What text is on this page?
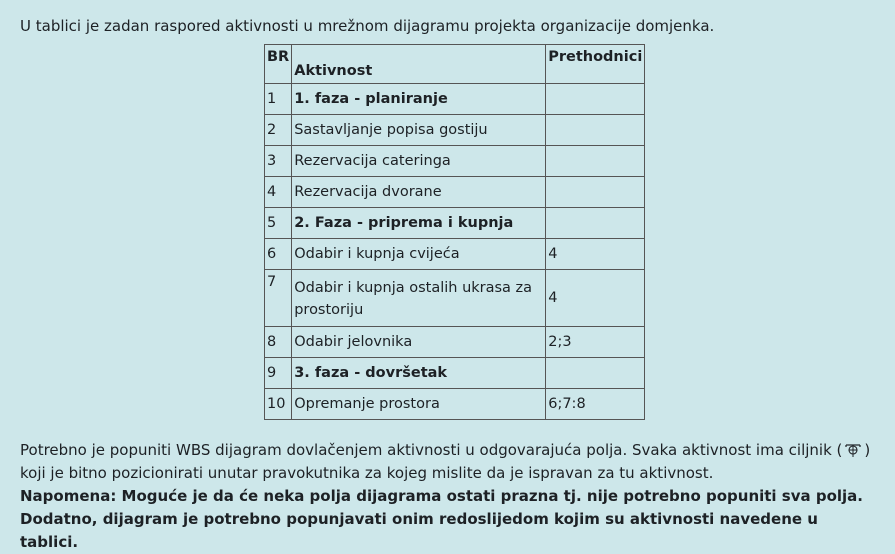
U tablici je zadan raspored aktivnosti u mrežnom dijagramu projekta organizacije domjenka.

BR	Aktivnost	Prethodnici
1	1. faza - planiranje	
2	Sastavljanje popisa gostiju	
3	Rezervacija cateringa	
4	Rezervacija dvorane	
5	2. Faza - priprema i kupnja	
6	Odabir i kupnja cvijeća	4
7	Odabir i kupnja ostalih ukrasa za prostoriju	4
8	Odabir jelovnika	2;3
9	3. faza - dovršetak	
10	Opremanje prostora	6;7:8

Potrebno je popuniti WBS dijagram dovlačenjem aktivnosti u odgovarajuća polja. Svaka aktivnost ima ciljnik ( ) koji je bitno pozicionirati unutar pravokutnika za kojeg mislite da je ispravan za tu aktivnost.

Napomena: Moguće je da će neka polja dijagrama ostati prazna tj. nije potrebno popuniti sva polja. Dodatno, dijagram je potrebno popunjavati onim redoslijedom kojim su aktivnosti navedene u tablici.
